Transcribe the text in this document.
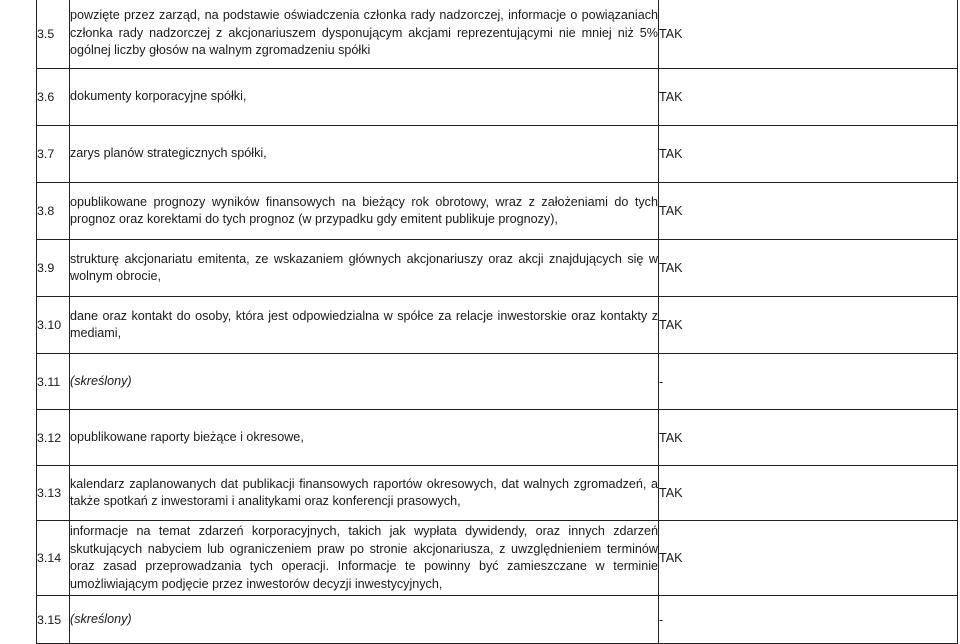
3.5	powzięte przez zarząd, na podstawie oświadczenia członka rady nadzorczej, informacje o powiązaniach członka rady nadzorczej z akcjonariuszem dysponującym akcjami reprezentującymi nie mniej niż 5% ogólnej liczby głosów na walnym zgromadzeniu spółki	TAK
3.6	dokumenty korporacyjne spółki,	TAK
3.7	zarys planów strategicznych spółki,	TAK
3.8	opublikowane prognozy wyników finansowych na bieżący rok obrotowy, wraz z założeniami do tych prognoz oraz korektami do tych prognoz (w przypadku gdy emitent publikuje prognozy),	TAK
3.9	strukturę akcjonariatu emitenta, ze wskazaniem głównych akcjonariuszy oraz akcji znajdujących się w wolnym obrocie,	TAK
3.10	dane oraz kontakt do osoby, która jest odpowiedzialna w spółce za relacje inwestorskie oraz kontakty z mediami,	TAK
3.11	(skreślony)	-
3.12	opublikowane raporty bieżące i okresowe,	TAK
3.13	kalendarz zaplanowanych dat publikacji finansowych raportów okresowych, dat walnych zgromadzeń, a także spotkań z inwestorami i analitykami oraz konferencji prasowych,	TAK
3.14	informacje na temat zdarzeń korporacyjnych, takich jak wypłata dywidendy, oraz innych zdarzeń skutkujących nabyciem lub ograniczeniem praw po stronie akcjonariusza, z uwzględnieniem terminów oraz zasad przeprowadzania tych operacji. Informacje te powinny być zamieszczane w terminie umożliwiającym podjęcie przez inwestorów decyzji inwestycyjnych,	TAK
3.15	(skreślony)	-
